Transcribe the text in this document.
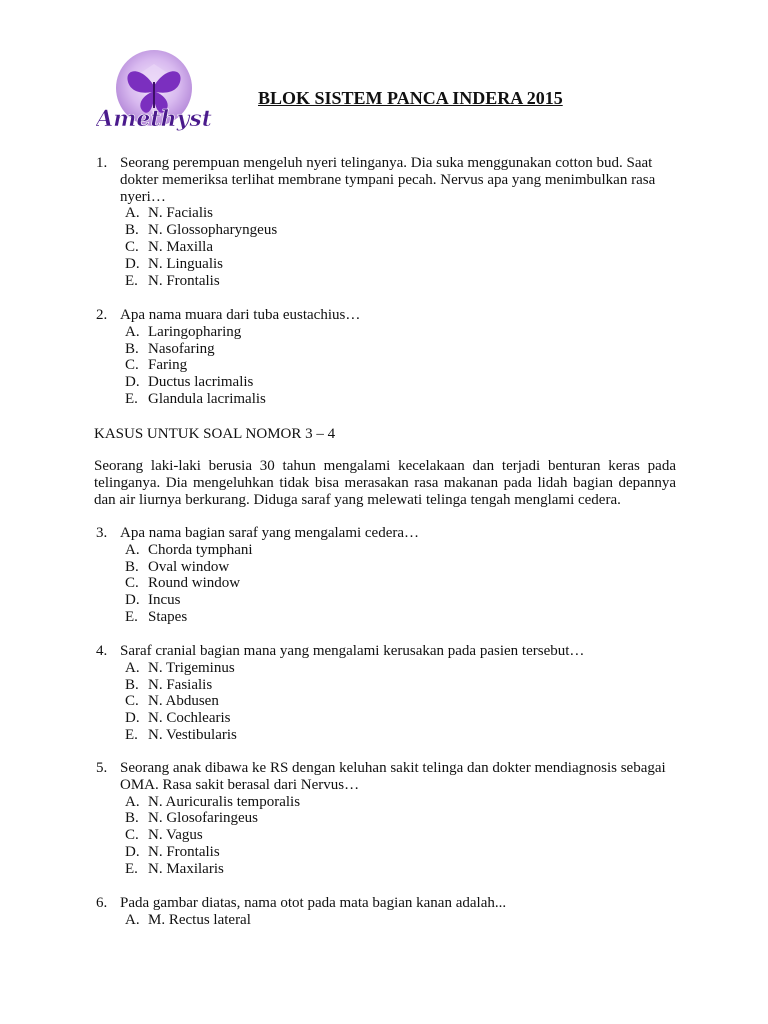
Amethyst
BLOK SISTEM PANCA INDERA 2015
1. Seorang perempuan mengeluh nyeri telinganya. Dia suka menggunakan cotton bud. Saat dokter memeriksa terlihat membrane tympani pecah. Nervus apa yang menimbulkan rasa nyeri…
A. N. Facialis
B. N. Glossopharyngeus
C. N. Maxilla
D. N. Lingualis
E. N. Frontalis
2. Apa nama muara dari tuba eustachius…
A. Laringopharing
B. Nasofaring
C. Faring
D. Ductus lacrimalis
E. Glandula lacrimalis
KASUS UNTUK SOAL NOMOR 3 – 4
Seorang laki-laki berusia 30 tahun mengalami kecelakaan dan terjadi benturan keras pada telinganya. Dia mengeluhkan tidak bisa merasakan rasa makanan pada lidah bagian depannya dan air liurnya berkurang. Diduga saraf yang melewati telinga tengah menglami cedera.
3. Apa nama bagian saraf yang mengalami cedera…
A. Chorda tymphani
B. Oval window
C. Round window
D. Incus
E. Stapes
4. Saraf cranial bagian mana yang mengalami kerusakan pada pasien tersebut…
A. N. Trigeminus
B. N. Fasialis
C. N. Abdusen
D. N. Cochlearis
E. N. Vestibularis
5. Seorang anak dibawa ke RS dengan keluhan sakit telinga dan dokter mendiagnosis sebagai OMA. Rasa sakit berasal dari Nervus…
A. N. Auricuralis temporalis
B. N. Glosofaringeus
C. N. Vagus
D. N. Frontalis
E. N. Maxilaris
6. Pada gambar diatas, nama otot pada mata bagian kanan adalah...
A. M. Rectus lateral
